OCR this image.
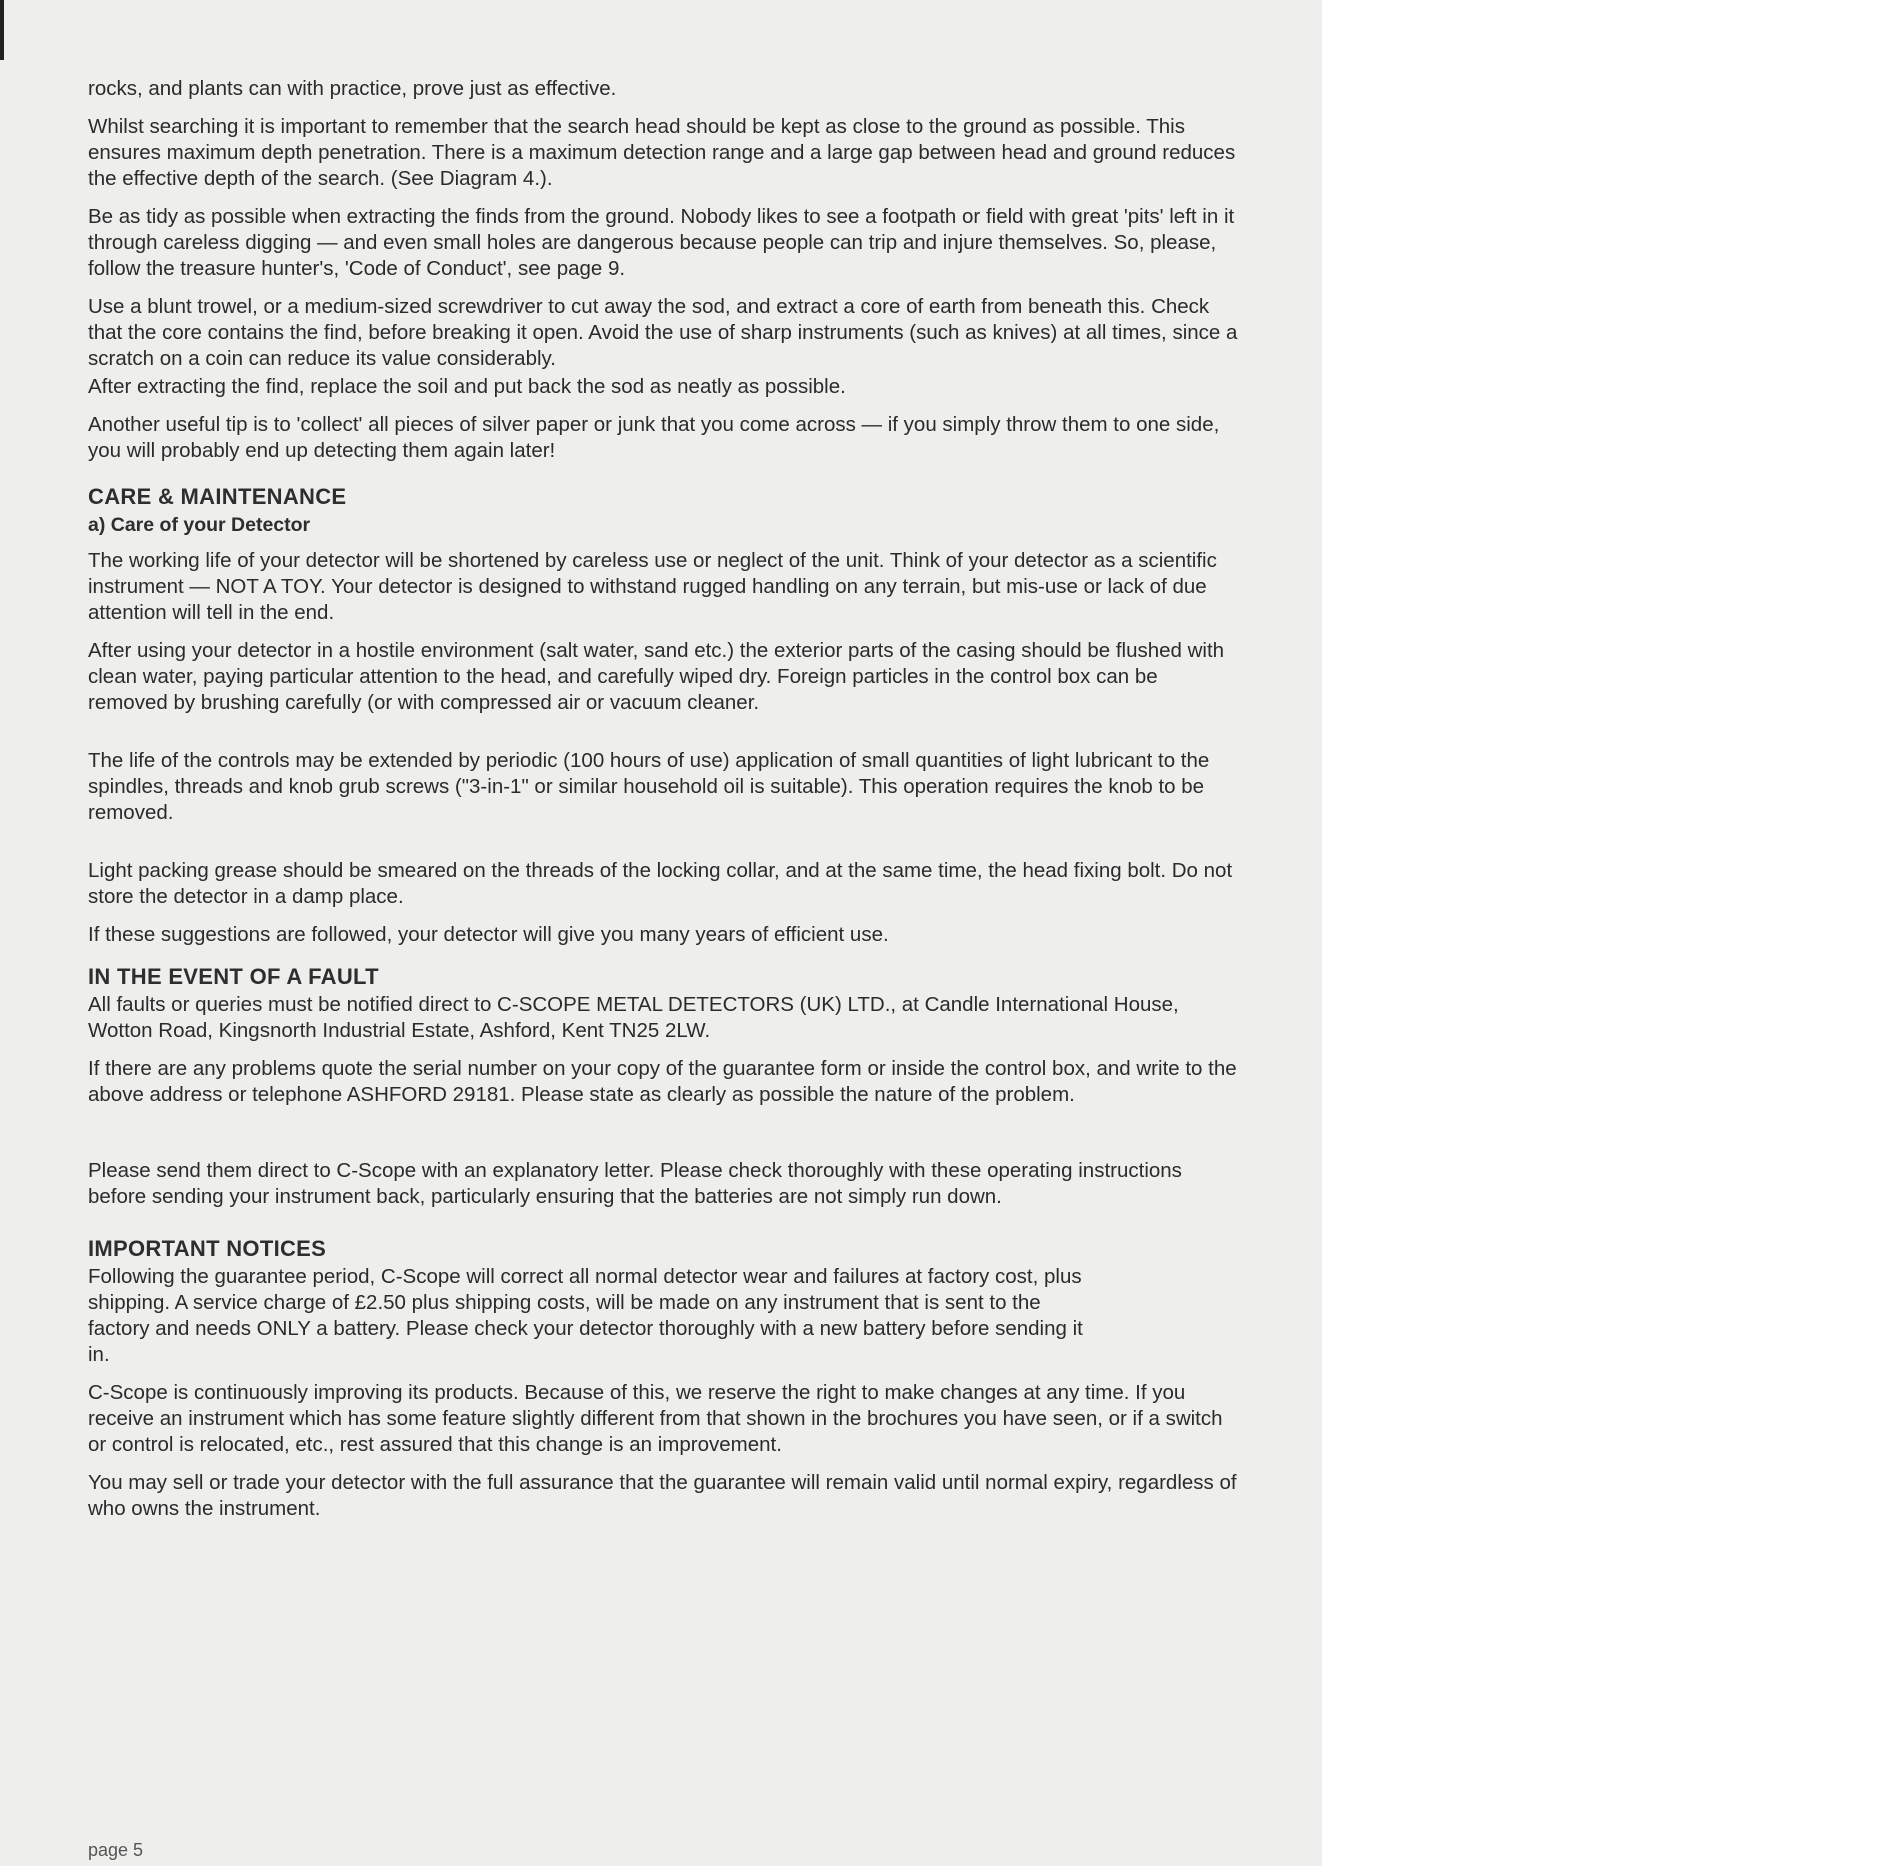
rocks, and plants can with practice, prove just as effective.

Whilst searching it is important to remember that the search head should be kept as close to the ground as possible. This ensures maximum depth penetration. There is a maximum detection range and a large gap between head and ground reduces the effective depth of the search. (See Diagram 4.).

Be as tidy as possible when extracting the finds from the ground. Nobody likes to see a footpath or field with great 'pits' left in it through careless digging — and even small holes are dangerous because people can trip and injure themselves. So, please, follow the treasure hunter's, 'Code of Conduct', see page 9.

Use a blunt trowel, or a medium-sized screwdriver to cut away the sod, and extract a core of earth from beneath this. Check that the core contains the find, before breaking it open. Avoid the use of sharp instruments (such as knives) at all times, since a scratch on a coin can reduce its value considerably.

After extracting the find, replace the soil and put back the sod as neatly as possible.

Another useful tip is to 'collect' all pieces of silver paper or junk that you come across — if you simply throw them to one side, you will probably end up detecting them again later!

CARE & MAINTENANCE
a) Care of your Detector

The working life of your detector will be shortened by careless use or neglect of the unit. Think of your detector as a scientific instrument — NOT A TOY. Your detector is designed to withstand rugged handling on any terrain, but mis-use or lack of due attention will tell in the end.

After using your detector in a hostile environment (salt water, sand etc.) the exterior parts of the casing should be flushed with clean water, paying particular attention to the head, and carefully wiped dry. Foreign particles in the control box can be removed by brushing carefully (or with compressed air or vacuum cleaner.

The life of the controls may be extended by periodic (100 hours of use) application of small quantities of light lubricant to the spindles, threads and knob grub screws ("3-in-1" or similar household oil is suitable). This operation requires the knob to be removed.

Light packing grease should be smeared on the threads of the locking collar, and at the same time, the head fixing bolt. Do not store the detector in a damp place.

If these suggestions are followed, your detector will give you many years of efficient use.

IN THE EVENT OF A FAULT

All faults or queries must be notified direct to C-SCOPE METAL DETECTORS (UK) LTD., at Candle International House, Wotton Road, Kingsnorth Industrial Estate, Ashford, Kent TN25 2LW.

If there are any problems quote the serial number on your copy of the guarantee form or inside the control box, and write to the above address or telephone ASHFORD 29181. Please state as clearly as possible the nature of the problem.

Please send them direct to C-Scope with an explanatory letter. Please check thoroughly with these operating instructions before sending your instrument back, particularly ensuring that the batteries are not simply run down.

IMPORTANT NOTICES

Following the guarantee period, C-Scope will correct all normal detector wear and failures at factory cost, plus shipping. A service charge of £2.50 plus shipping costs, will be made on any instrument that is sent to the factory and needs ONLY a battery. Please check your detector thoroughly with a new battery before sending it in.

C-Scope is continuously improving its products. Because of this, we reserve the right to make changes at any time. If you receive an instrument which has some feature slightly different from that shown in the brochures you have seen, or if a switch or control is relocated, etc., rest assured that this change is an improvement.

You may sell or trade your detector with the full assurance that the guarantee will remain valid until normal expiry, regardless of who owns the instrument.

page 5
